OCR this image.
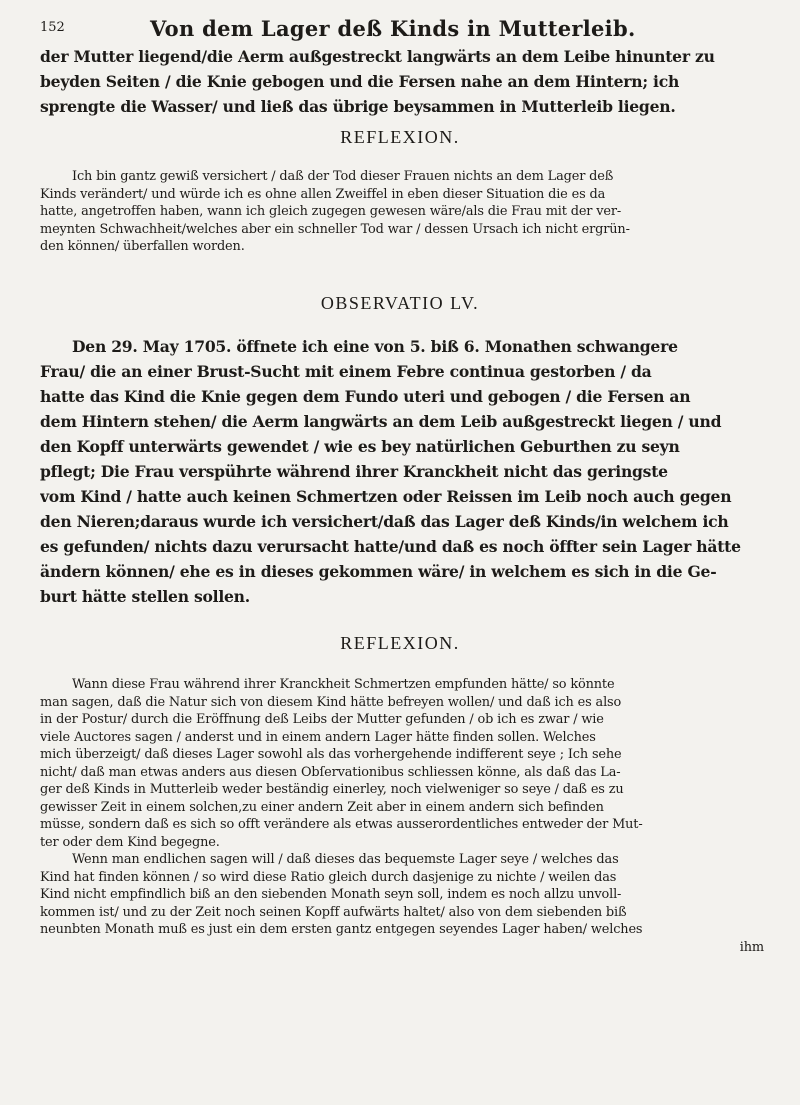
152	Von dem Lager deß Kinds in Mutterleib.
der Mutter liegend/die Aerm außgestreckt langwärts an dem Leibe hinunter zu
beyden Seiten / die Knie gebogen und die Fersen nahe an dem Hintern; ich
sprengte die Wasser/ und ließ das übrige beysammen in Mutterleib liegen.
REFLEXION.
Ich bin gantz gewiß versichert / daß der Tod dieser Frauen nichts an dem Lager deß
Kinds verändert/ und würde ich es ohne allen Zweiffel in eben dieser Situation die es da
hatte, angetroffen haben, wann ich gleich zugegen gewesen wäre/als die Frau mit der ver-
meynten Schwachheit/welches aber ein schneller Tod war / dessen Ursach ich nicht ergrün-
den können/ überfallen worden.
OBSERVATIO LV.
Den 29. May 1705. öffnete ich eine von 5. biß 6. Monathen schwangere
Frau/ die an einer Brust-Sucht mit einem Febre continua gestorben / da
hatte das Kind die Knie gegen dem Fundo uteri und gebogen / die Fersen an
dem Hintern stehen/ die Aerm langwärts an dem Leib außgestreckt liegen / und
den Kopff unterwärts gewendet / wie es bey natürlichen Geburthen zu seyn
pflegt; Die Frau verspührte während ihrer Kranckheit nicht das geringste
vom Kind / hatte auch keinen Schmertzen oder Reissen im Leib noch auch gegen
den Nieren;daraus wurde ich versichert/daß das Lager deß Kinds/in welchem ich
es gefunden/ nichts dazu verursacht hatte/und daß es noch öffter sein Lager hätte
ändern können/ ehe es in dieses gekommen wäre/ in welchem es sich in die Ge-
burt hätte stellen sollen.
REFLEXION.
Wann diese Frau während ihrer Kranckheit Schmertzen empfunden hätte/ so könnte
man sagen, daß die Natur sich von diesem Kind hätte befreyen wollen/ und daß ich es also
in der Postur/ durch die Eröffnung deß Leibs der Mutter gefunden / ob ich es zwar / wie
viele Auctores sagen / anderst und in einem andern Lager hätte finden sollen. Welches
mich überzeigt/ daß dieses Lager sowohl als das vorhergehende indifferent seye ; Ich sehe
nicht/ daß man etwas anders aus diesen Obſervationibus schliessen könne, als daß das La-
ger deß Kinds in Mutterleib weder beständig einerley, noch vielweniger so seye / daß es zu
gewisser Zeit in einem solchen,zu einer andern Zeit aber in einem andern sich befinden
müsse, sondern daß es sich so offt verändere als etwas ausserordentliches entweder der Mut-
ter oder dem Kind begegne.
Wenn man endlichen sagen will / daß dieses das bequemste Lager seye / welches das
Kind hat finden können / so wird diese Ratio gleich durch dasjenige zu nichte / weilen das
Kind nicht empfindlich biß an den siebenden Monath seyn soll, indem es noch allzu unvoll-
kommen ist/ und zu der Zeit noch seinen Kopff aufwärts haltet/ also von dem siebenden biß
neunbten Monath muß es just ein dem ersten gantz entgegen seyendes Lager haben/ welches
ihm
